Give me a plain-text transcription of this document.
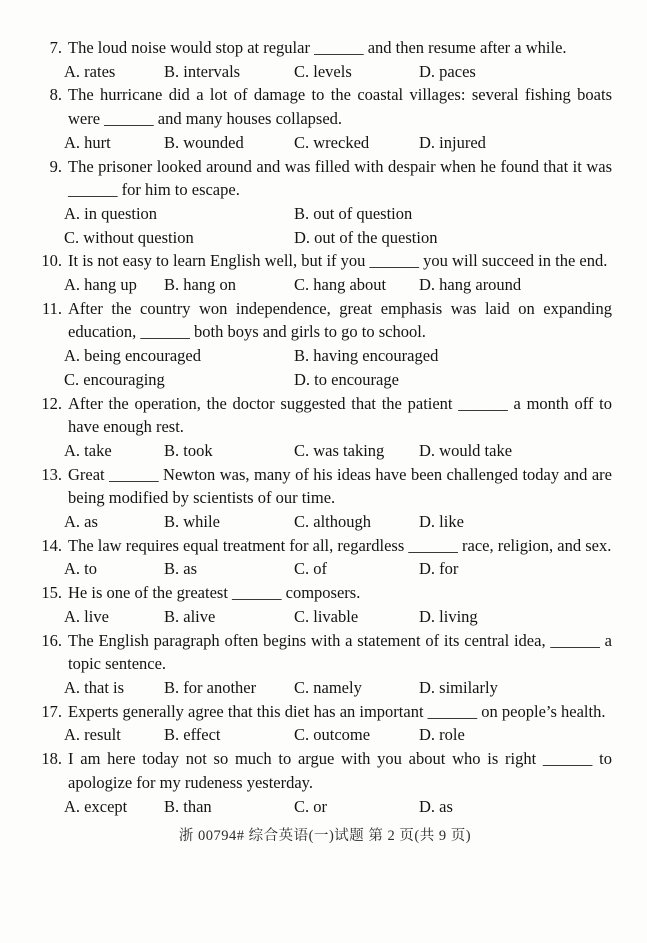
7. The loud noise would stop at regular ______ and then resume after a while.

A. rates	B. intervals	C. levels	D. paces
8. The hurricane did a lot of damage to the coastal villages: several fishing boats were ______ and many houses collapsed.

A. hurt	B. wounded	C. wrecked	D. injured
9. The prisoner looked around and was filled with despair when he found that it was ______ for him to escape.

A. in question	B. out of question
C. without question	D. out of the question
10. It is not easy to learn English well, but if you ______ you will succeed in the end.

A. hang up	B. hang on	C. hang about	D. hang around
11. After the country won independence, great emphasis was laid on expanding education, ______ both boys and girls to go to school.

A. being encouraged	B. having encouraged
C. encouraging	D. to encourage
12. After the operation, the doctor suggested that the patient ______ a month off to have enough rest.

A. take	B. took	C. was taking	D. would take
13. Great ______ Newton was, many of his ideas have been challenged today and are being modified by scientists of our time.

A. as	B. while	C. although	D. like
14. The law requires equal treatment for all, regardless ______ race, religion, and sex.

A. to	B. as	C. of	D. for
15. He is one of the greatest ______ composers.

A. live	B. alive	C. livable	D. living
16. The English paragraph often begins with a statement of its central idea, ______ a topic sentence.

A. that is	B. for another	C. namely	D. similarly
17. Experts generally agree that this diet has an important ______ on people’s health.

A. result	B. effect	C. outcome	D. role
18. I am here today not so much to argue with you about who is right ______ to apologize for my rudeness yesterday.

A. except	B. than	C. or	D. as
浙 00794# 综合英语(一)试题 第 2 页(共 9 页)
